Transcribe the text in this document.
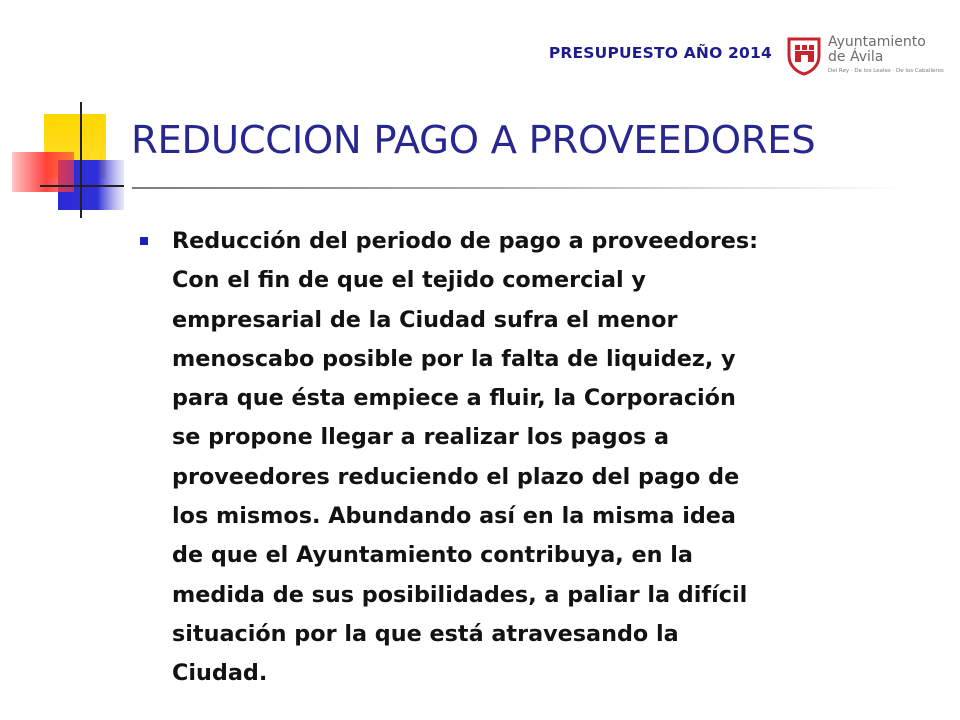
PRESUPUESTO AÑO 2014
Ayuntamiento
de Ávila
Del Rey · De los Leales · De los Caballeros
REDUCCION PAGO A PROVEEDORES
Reducción del periodo de pago a proveedores:
Con el fin de que el tejido comercial y
empresarial de la Ciudad sufra el menor
menoscabo posible por la falta de liquidez, y
para que ésta empiece a fluir, la Corporación
se propone llegar a realizar los pagos a
proveedores reduciendo el plazo del pago de
los mismos. Abundando así en la misma idea
de que el Ayuntamiento contribuya, en la
medida de sus posibilidades, a paliar la difícil
situación por la que está atravesando la
Ciudad.
